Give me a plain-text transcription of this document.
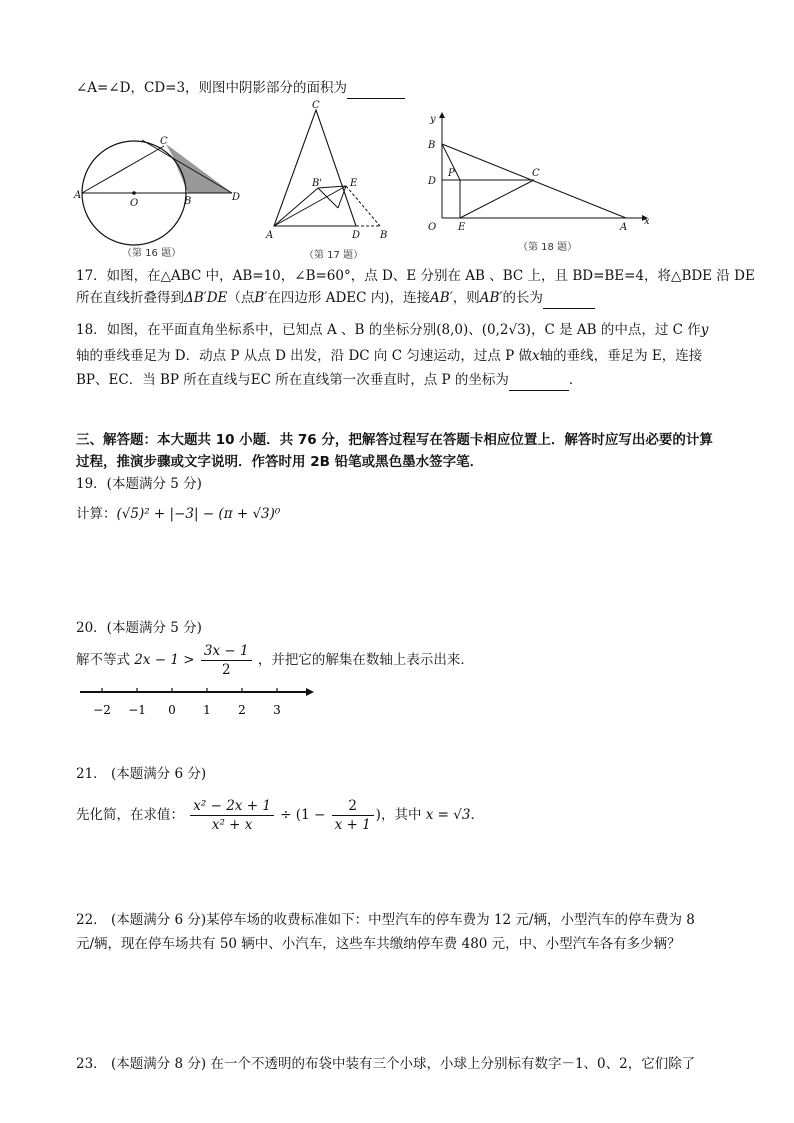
∠A=∠D，CD=3，则图中阴影部分的面积为
A
O	B
C
D
（第 16 题）
C
A
B'	E
D B
（第 17 题）
y
B
D
P	C
O E	A
x
（第 18 题）
17．如图，在△ABC 中，AB=10，∠B=60°，点 D、E 分别在 AB 、BC 上，且 BD=BE=4，将△BDE 沿 DE
所在直线折叠得到ΔB′DE（点B′在四边形 ADEC 内)，连接AB′，则AB′的长为
18．如图，在平面直角坐标系中，已知点 A 、B 的坐标分别(8,0)、(0,2√3)，C 是 AB 的中点，过 C 作y
轴的垂线垂足为 D．动点 P 从点 D 出发，沿 DC 向 C 匀速运动，过点 P 做x轴的垂线，垂足为 E，连接
BP、EC．当 BP 所在直线与EC 所在直线第一次垂直时，点 P 的坐标为	．
三、解答题：本大题共 10 小题．共 76 分，把解答过程写在答题卡相应位置上．解答时应写出必要的计算
过程，推演步骤或文字说明．作答时用 2B 铅笔或黑色墨水签字笔．
19．(本题满分 5 分)
计算：(√5)² + |−3| − (π + √3)⁰
20．(本题满分 5 分)
解不等式 $2x - 1 > \frac{3x - 1}{2}$ ，并把它的解集在数轴上表示出来．
−2 −1 0 1 2 3
21． (本题满分 6 分)
先化简，在求值： $\frac{\text{x² − 2x + 1}}{\text{x² + x}} \div (1 - \frac{2}{x + 1}$ )，其中 x = √3．
22． (本题满分 6 分)某停车场的收费标准如下：中型汽车的停车费为 12 元/辆，小型汽车的停车费为 8
元/辆，现在停车场共有 50 辆中、小汽车，这些车共缴纳停车费 480 元，中、小型汽车各有多少辆？
23． (本题满分 8 分) 在一个不透明的布袋中装有三个小球，小球上分别标有数字－1、0、2，它们除了
